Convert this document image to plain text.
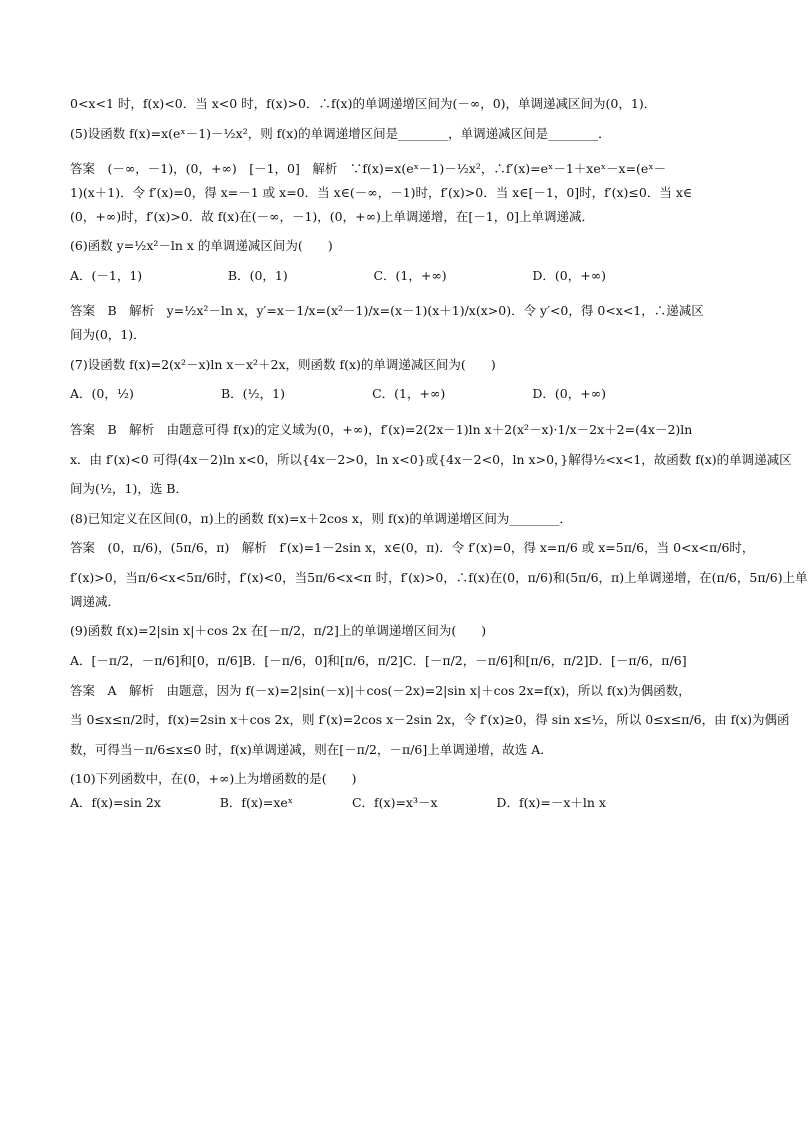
0<x<1 时，f(x)<0．当 x<0 时，f(x)>0．∴f(x)的单调递增区间为(－∞，0)，单调递减区间为(0，1)．
(5)设函数 f(x)=x(eˣ－1)－½x²，则 f(x)的单调递增区间是________，单调递减区间是________．
答案　(－∞，－1)，(0，+∞)　[－1，0]　解析　∵f(x)=x(eˣ－1)－½x²，∴f′(x)=eˣ－1＋xeˣ－x=(eˣ－
1)(x＋1)．令 f′(x)=0，得 x=－1 或 x=0．当 x∈(－∞，－1)时，f′(x)>0．当 x∈[－1，0]时，f′(x)≤0．当 x∈
(0，+∞)时，f′(x)>0．故 f(x)在(－∞，－1)，(0，+∞)上单调递增，在[－1，0]上单调递减．
(6)函数 y=½x²－ln x 的单调递减区间为(　　)
A．(－1，1)	B．(0，1)	C．(1，+∞)	D．(0，+∞)
答案　B　解析　y=½x²－ln x，y′=x－1/x=(x²－1)/x=(x－1)(x＋1)/x(x>0)．令 y′<0，得 0<x<1，∴递减区
间为(0，1)．
(7)设函数 f(x)=2(x²－x)ln x－x²＋2x，则函数 f(x)的单调递减区间为(　　)
A．(0，½)	B．(½，1)	C．(1，+∞)	D．(0，+∞)
答案　B　解析　由题意可得 f(x)的定义域为(0，+∞)，f′(x)=2(2x－1)ln x＋2(x²－x)·1/x－2x＋2=(4x－2)ln
x．由 f′(x)<0 可得(4x－2)ln x<0，所以{4x－2>0，ln x<0}或{4x－2<0，ln x>0，}解得½<x<1，故函数 f(x)的单调递减区
间为(½，1)，选 B．
(8)已知定义在区间(0，π)上的函数 f(x)=x＋2cos x，则 f(x)的单调递增区间为________．
答案　(0，π/6)，(5π/6，π)　解析　f′(x)=1－2sin x，x∈(0，π)．令 f′(x)=0，得 x=π/6 或 x=5π/6，当 0<x<π/6时，
f′(x)>0，当π/6<x<5π/6时，f′(x)<0，当5π/6<x<π 时，f′(x)>0，∴f(x)在(0，π/6)和(5π/6，π)上单调递增，在(π/6，5π/6)上单
调递减．
(9)函数 f(x)=2|sin x|＋cos 2x 在[－π/2，π/2]上的单调递增区间为(　　)
A．[－π/2，－π/6]和[0，π/6] B．[－π/6，0]和[π/6，π/2] C．[－π/2，－π/6]和[π/6，π/2] D．[－π/6，π/6]
答案　A　解析　由题意，因为 f(－x)=2|sin(－x)|＋cos(－2x)=2|sin x|＋cos 2x=f(x)，所以 f(x)为偶函数，
当 0≤x≤π/2时，f(x)=2sin x＋cos 2x，则 f′(x)=2cos x－2sin 2x，令 f′(x)≥0，得 sin x≤½，所以 0≤x≤π/6，由 f(x)为偶函
数，可得当－π/6≤x≤0 时，f(x)单调递减，则在[－π/2，－π/6]上单调递增，故选 A．
(10)下列函数中，在(0，+∞)上为增函数的是(　　)
A．f(x)=sin 2x	B．f(x)=xeˣ	C．f(x)=x³－x	D．f(x)=－x＋ln x
